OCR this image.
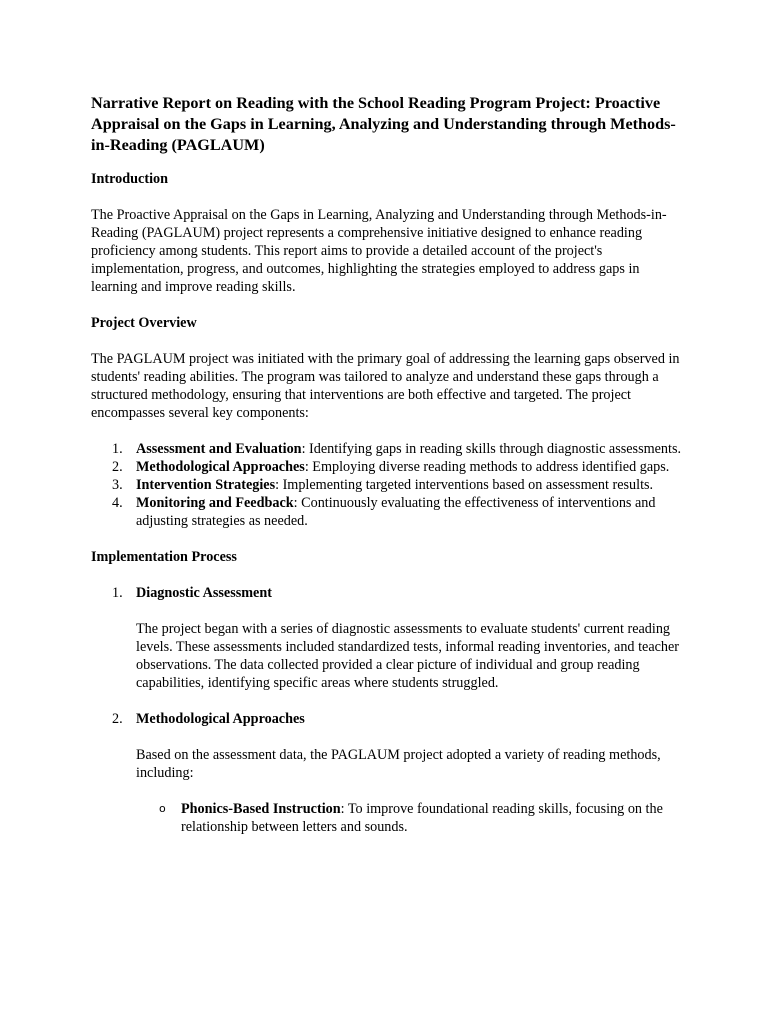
Narrative Report on Reading with the School Reading Program Project: Proactive Appraisal on the Gaps in Learning, Analyzing and Understanding through Methods-in-Reading (PAGLAUM)
Introduction

The Proactive Appraisal on the Gaps in Learning, Analyzing and Understanding through Methods-in-Reading (PAGLAUM) project represents a comprehensive initiative designed to enhance reading proficiency among students. This report aims to provide a detailed account of the project's implementation, progress, and outcomes, highlighting the strategies employed to address gaps in learning and improve reading skills.

Project Overview

The PAGLAUM project was initiated with the primary goal of addressing the learning gaps observed in students' reading abilities. The program was tailored to analyze and understand these gaps through a structured methodology, ensuring that interventions are both effective and targeted. The project encompasses several key components:

1. Assessment and Evaluation: Identifying gaps in reading skills through diagnostic assessments.
2. Methodological Approaches: Employing diverse reading methods to address identified gaps.
3. Intervention Strategies: Implementing targeted interventions based on assessment results.
4. Monitoring and Feedback: Continuously evaluating the effectiveness of interventions and adjusting strategies as needed.
Implementation Process
1. Diagnostic Assessment

The project began with a series of diagnostic assessments to evaluate students' current reading levels. These assessments included standardized tests, informal reading inventories, and teacher observations. The data collected provided a clear picture of individual and group reading capabilities, identifying specific areas where students struggled.

2. Methodological Approaches

Based on the assessment data, the PAGLAUM project adopted a variety of reading methods, including:

o Phonics-Based Instruction: To improve foundational reading skills, focusing on the relationship between letters and sounds.
